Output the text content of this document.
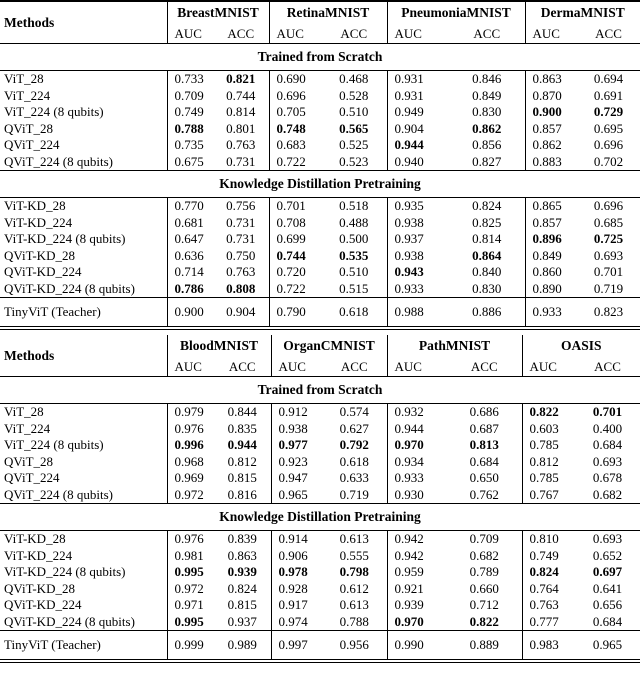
Methods	BreastMNIST		RetinaMNIST		PneumoniaMNIST		DermaMNIST	
	AUC	ACC	AUC	ACC	AUC	ACC	AUC	ACC
Trained from Scratch								
ViT_28	0.733	0.821	0.690	0.468	0.931	0.846	0.863	0.694
ViT_224	0.709	0.744	0.696	0.528	0.931	0.849	0.870	0.691
ViT_224 (8 qubits)	0.749	0.814	0.705	0.510	0.949	0.830	0.900	0.729
QViT_28	0.788	0.801	0.748	0.565	0.904	0.862	0.857	0.695
QViT_224	0.735	0.763	0.683	0.525	0.944	0.856	0.862	0.696
QViT_224 (8 qubits)	0.675	0.731	0.722	0.523	0.940	0.827	0.883	0.702
Knowledge Distillation Pretraining								
ViT-KD_28	0.770	0.756	0.701	0.518	0.935	0.824	0.865	0.696
ViT-KD_224	0.681	0.731	0.708	0.488	0.938	0.825	0.857	0.685
ViT-KD_224 (8 qubits)	0.647	0.731	0.699	0.500	0.937	0.814	0.896	0.725
QViT-KD_28	0.636	0.750	0.744	0.535	0.938	0.864	0.849	0.693
QViT-KD_224	0.714	0.763	0.720	0.510	0.943	0.840	0.860	0.701
QViT-KD_224 (8 qubits)	0.786	0.808	0.722	0.515	0.933	0.830	0.890	0.719
TinyViT (Teacher)	0.900	0.904	0.790	0.618	0.988	0.886	0.933	0.823
Methods	BloodMNIST		OrganCMNIST		PathMNIST		OASIS	
	AUC	ACC	AUC	ACC	AUC	ACC	AUC	ACC
Trained from Scratch								
ViT_28	0.979	0.844	0.912	0.574	0.932	0.686	0.822	0.701
ViT_224	0.976	0.835	0.938	0.627	0.944	0.687	0.603	0.400
ViT_224 (8 qubits)	0.996	0.944	0.977	0.792	0.970	0.813	0.785	0.684
QViT_28	0.968	0.812	0.923	0.618	0.934	0.684	0.812	0.693
QViT_224	0.969	0.815	0.947	0.633	0.933	0.650	0.785	0.678
QViT_224 (8 qubits)	0.972	0.816	0.965	0.719	0.930	0.762	0.767	0.682
Knowledge Distillation Pretraining								
ViT-KD_28	0.976	0.839	0.914	0.613	0.942	0.709	0.810	0.693
ViT-KD_224	0.981	0.863	0.906	0.555	0.942	0.682	0.749	0.652
ViT-KD_224 (8 qubits)	0.995	0.939	0.978	0.798	0.959	0.789	0.824	0.697
QViT-KD_28	0.972	0.824	0.928	0.612	0.921	0.660	0.764	0.641
QViT-KD_224	0.971	0.815	0.917	0.613	0.939	0.712	0.763	0.656
QViT-KD_224 (8 qubits)	0.995	0.937	0.974	0.788	0.970	0.822	0.777	0.684
TinyViT (Teacher)	0.999	0.989	0.997	0.956	0.990	0.889	0.983	0.965
